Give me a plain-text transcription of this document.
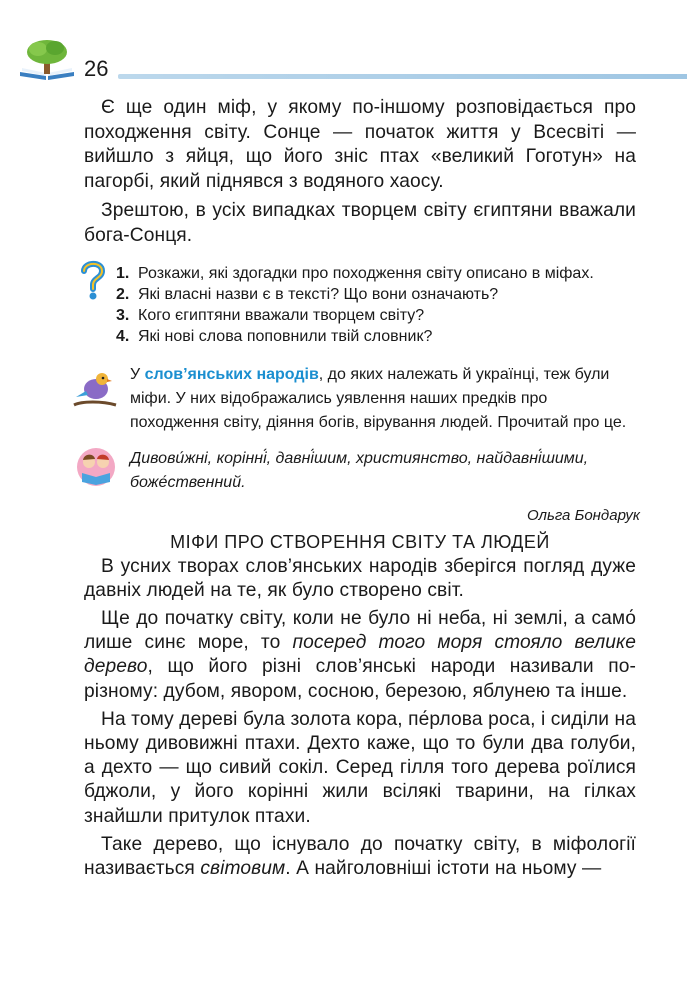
26

Є ще один міф, у якому по-іншому розповідається про походження світу. Сонце — початок життя у Всесвіті — вийшло з яйця, що його зніс птах «великий Гоготун» на пагорбі, який піднявся з водяного хаосу.

Зрештою, в усіх випадках творцем світу єгиптяни вважали бога-Сонця.

1. Розкажи, які здогадки про походження світу описано в міфах.
2. Які власні назви є в тексті? Що вони означають?
3. Кого єгиптяни вважали творцем світу?
4. Які нові слова поповнили твій словник?

У слов’янських народів, до яких належать й українці, теж були міфи. У них відображались уявлення наших предків про походження світу, діяння богів, вірування людей. Прочитай про це.

Дивови́жні, корінні́, давні́шим, християнство, найдавні́шими, боже́ственний.

Ольга Бондарук
МІФИ ПРО СТВОРЕННЯ СВІТУ ТА ЛЮДЕЙ

В усних творах слов’янських народів зберігся погляд дуже давніх людей на те, як було створено світ.

Ще до початку світу, коли не було ні неба, ні землі, а само́ лише синє море, то посеред того моря стояло велике дерево, що його різні слов’янські народи називали по-різному: дубом, явором, сосною, березою, яблунею та інше.

На тому дереві була золота кора, пе́рлова роса, і сиділи на ньому дивовижні птахи. Дехто каже, що то були два голуби, а дехто — що сивий сокіл. Серед гілля того дерева роїлися бджоли, у його корінні жили всілякі тварини, на гілках знайшли притулок птахи.

Таке дерево, що існувало до початку світу, в міфології називається світовим. А найголовніші істоти на ньому —
